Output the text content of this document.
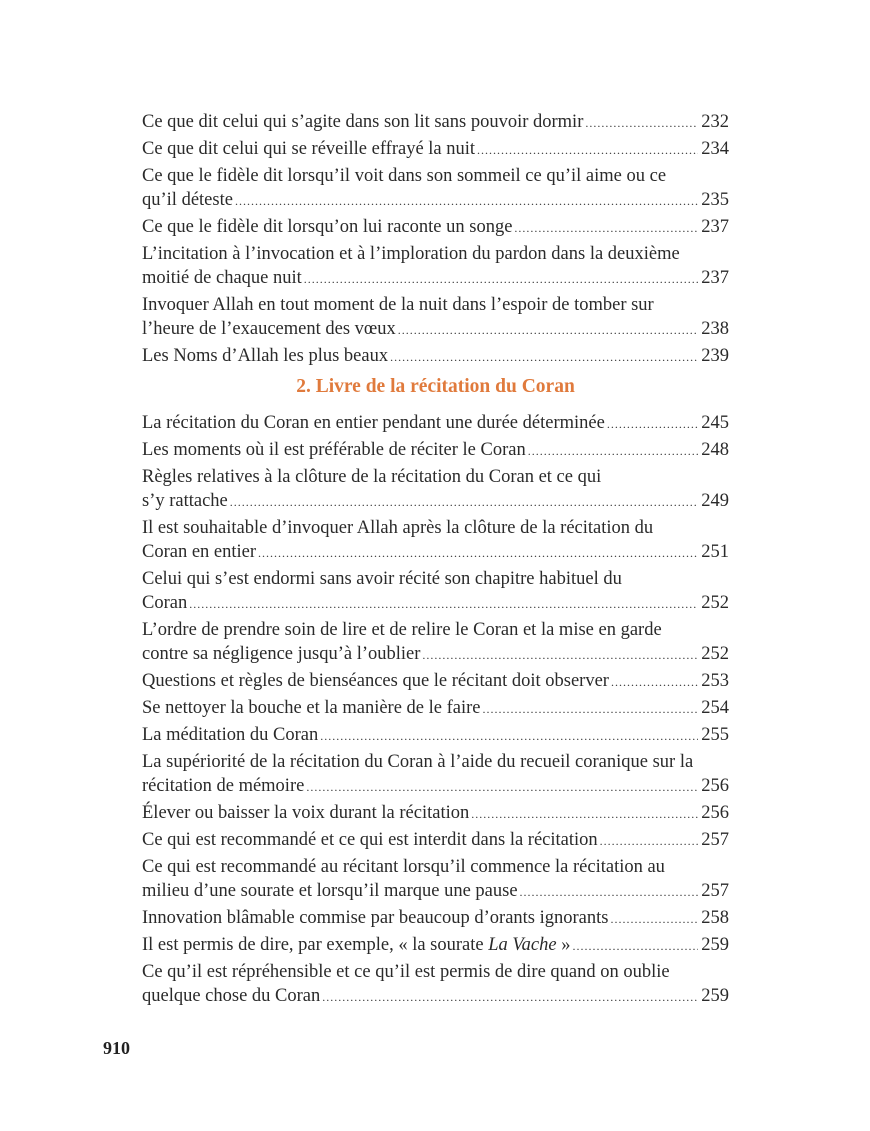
Ce que dit celui qui s’agite dans son lit sans pouvoir dormir .....	232
Ce que dit celui qui se réveille effrayé la nuit .....	234
Ce que le fidèle dit lorsqu’il voit dans son sommeil ce qu’il aime ou ce
qu’il déteste .....	235
Ce que le fidèle dit lorsqu’on lui raconte un songe .....	237
L’incitation à l’invocation et à l’imploration du pardon dans la deuxième
moitié de chaque nuit .....	237
Invoquer Allah en tout moment de la nuit dans l’espoir de tomber sur
l’heure de l’exaucement des vœux .....	238
Les Noms d’Allah les plus beaux .....	239
2. Livre de la récitation du Coran
La récitation du Coran en entier pendant une durée déterminée .....	245
Les moments où il est préférable de réciter le Coran .....	248
Règles relatives à la clôture de la récitation du Coran et ce qui
s’y rattache .....	249
Il est souhaitable d’invoquer Allah après la clôture de la récitation du
Coran en entier .....	251
Celui qui s’est endormi sans avoir récité son chapitre habituel du
Coran .....	252
L’ordre de prendre soin de lire et de relire le Coran et la mise en garde
contre sa négligence jusqu’à l’oublier .....	252
Questions et règles de bienséances que le récitant doit observer .....	253
Se nettoyer la bouche et la manière de le faire .....	254
La méditation du Coran .....	255
La supériorité de la récitation du Coran à l’aide du recueil coranique sur la
récitation de mémoire .....	256
Élever ou baisser la voix durant la récitation .....	256
Ce qui est recommandé et ce qui est interdit dans la récitation .....	257
Ce qui est recommandé au récitant lorsqu’il commence la récitation au
milieu d’une sourate et lorsqu’il marque une pause .....	257
Innovation blâmable commise par beaucoup d’orants ignorants .....	258
Il est permis de dire, par exemple, « la sourate La Vache » .....	259
Ce qu’il est répréhensible et ce qu’il est permis de dire quand on oublie
quelque chose du Coran .....	259
910
